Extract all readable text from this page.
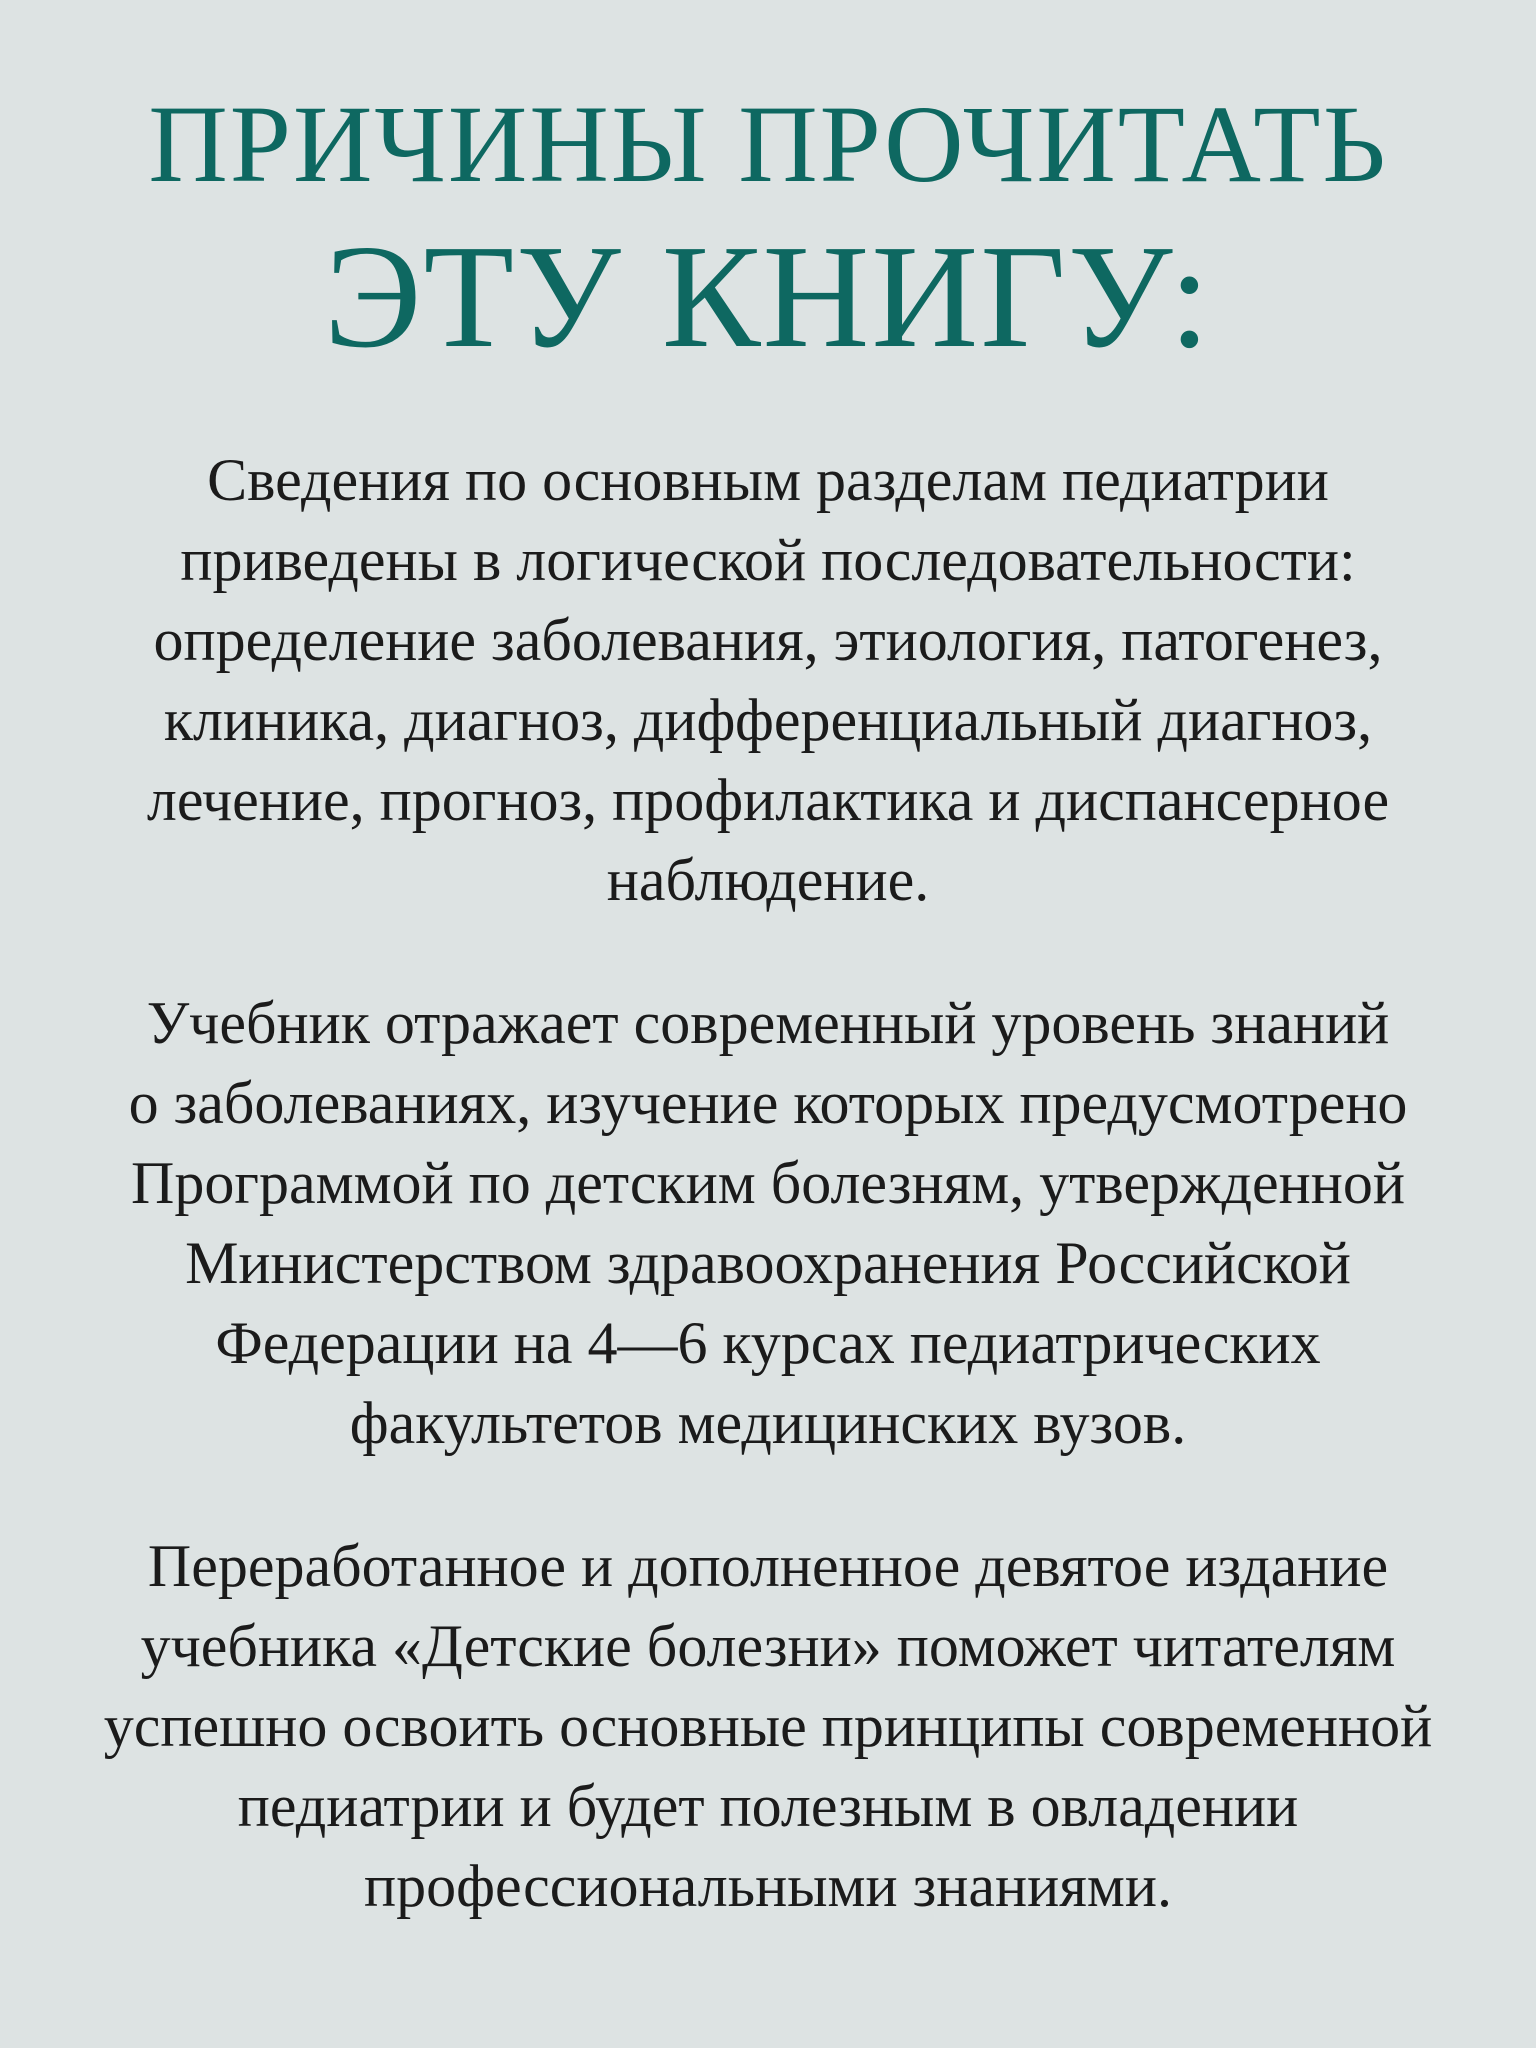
ПРИЧИНЫ ПРОЧИТАТЬ
ЭТУ КНИГУ:

Сведения по основным разделам педиатрии
приведены в логической последовательности:
определение заболевания, этиология, патогенез,
клиника, диагноз, дифференциальный диагноз,
лечение, прогноз, профилактика и диспансерное
наблюдение.

Учебник отражает современный уровень знаний
о заболеваниях, изучение которых предусмотрено
Программой по детским болезням, утвержденной
Министерством здравоохранения Российской
Федерации на 4—6 курсах педиатрических
факультетов медицинских вузов.

Переработанное и дополненное девятое издание
учебника «Детские болезни» поможет читателям
успешно освоить основные принципы современной
педиатрии и будет полезным в овладении
профессиональными знаниями.
